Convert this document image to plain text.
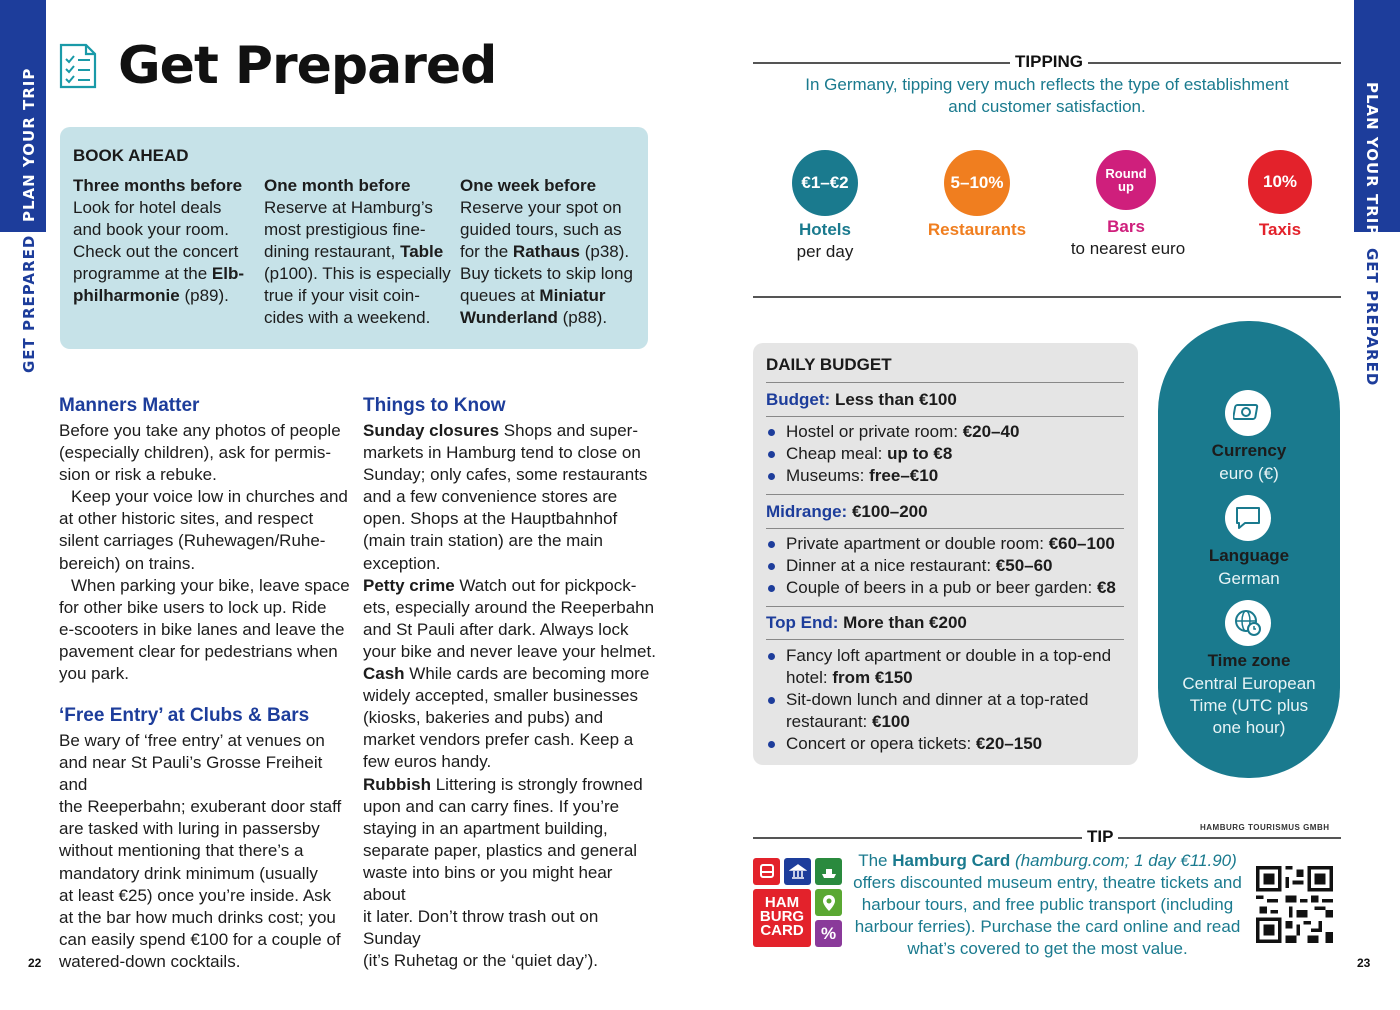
PLAN YOUR TRIP
GET PREPARED
Get Prepared
BOOK AHEAD
Three months before
Look for hotel deals
and book your room.
Check out the concert
programme at the Elb-
philharmonie (p89).
One month before
Reserve at Hamburg’s
most prestigious fine-
dining restaurant, Table
(p100). This is especially
true if your visit coin-
cides with a weekend.
One week before
Reserve your spot on
guided tours, such as
for the Rathaus (p38).
Buy tickets to skip long
queues at Miniatur
Wunderland (p88).
Manners Matter
Before you take any photos of people
(especially children), ask for permis-
sion or risk a rebuke.
Keep your voice low in churches and
at other historic sites, and respect
silent carriages (Ruhewagen/Ruhe-
bereich) on trains.
When parking your bike, leave space
for other bike users to lock up. Ride
e-scooters in bike lanes and leave the
pavement clear for pedestrians when
you park.
‘Free Entry’ at Clubs & Bars
Be wary of ‘free entry’ at venues on
and near St Pauli’s Grosse Freiheit and
the Reeperbahn; exuberant door staff
are tasked with luring in passersby
without mentioning that there’s a
mandatory drink minimum (usually
at least €25) once you’re inside. Ask
at the bar how much drinks cost; you
can easily spend €100 for a couple of
watered-down cocktails.
Things to Know
Sunday closures Shops and super-
markets in Hamburg tend to close on
Sunday; only cafes, some restaurants
and a few convenience stores are
open. Shops at the Hauptbahnhof
(main train station) are the main
exception.
Petty crime Watch out for pickpock-
ets, especially around the Reeperbahn
and St Pauli after dark. Always lock
your bike and never leave your helmet.
Cash While cards are becoming more
widely accepted, smaller businesses
(kiosks, bakeries and pubs) and
market vendors prefer cash. Keep a
few euros handy.
Rubbish Littering is strongly frowned
upon and can carry fines. If you’re
staying in an apartment building,
separate paper, plastics and general
waste into bins or you might hear about
it later. Don’t throw trash out on Sunday
(it’s Ruhetag or the ‘quiet day’).
22
PLAN YOUR TRIP
GET PREPARED
TIPPING
In Germany, tipping very much reflects the type of establishment
and customer satisfaction.
€1–€2
Hotels
per day
5–10%
Restaurants
Round
up
Bars
to nearest euro
10%
Taxis
DAILY BUDGET
Budget: Less than €100
Hostel or private room: €20–40
Cheap meal: up to €8
Museums: free–€10
Midrange: €100–200
Private apartment or double room: €60–100
Dinner at a nice restaurant: €50–60
Couple of beers in a pub or beer garden: €8
Top End: More than €200
Fancy loft apartment or double in a top-end
hotel: from €150
Sit-down lunch and dinner at a top-rated
restaurant: €100
Concert or opera tickets: €20–150
Currency
euro (€)
Language
German
Time zone
Central European
Time (UTC plus
one hour)
HAMBURG TOURISMUS GMBH
TIP
HAM
BURG
CARD	%
The Hamburg Card (hamburg.com; 1 day €11.90)
offers discounted museum entry, theatre tickets and
harbour tours, and free public transport (including
harbour ferries). Purchase the card online and read
what’s covered to get the most value.
23
